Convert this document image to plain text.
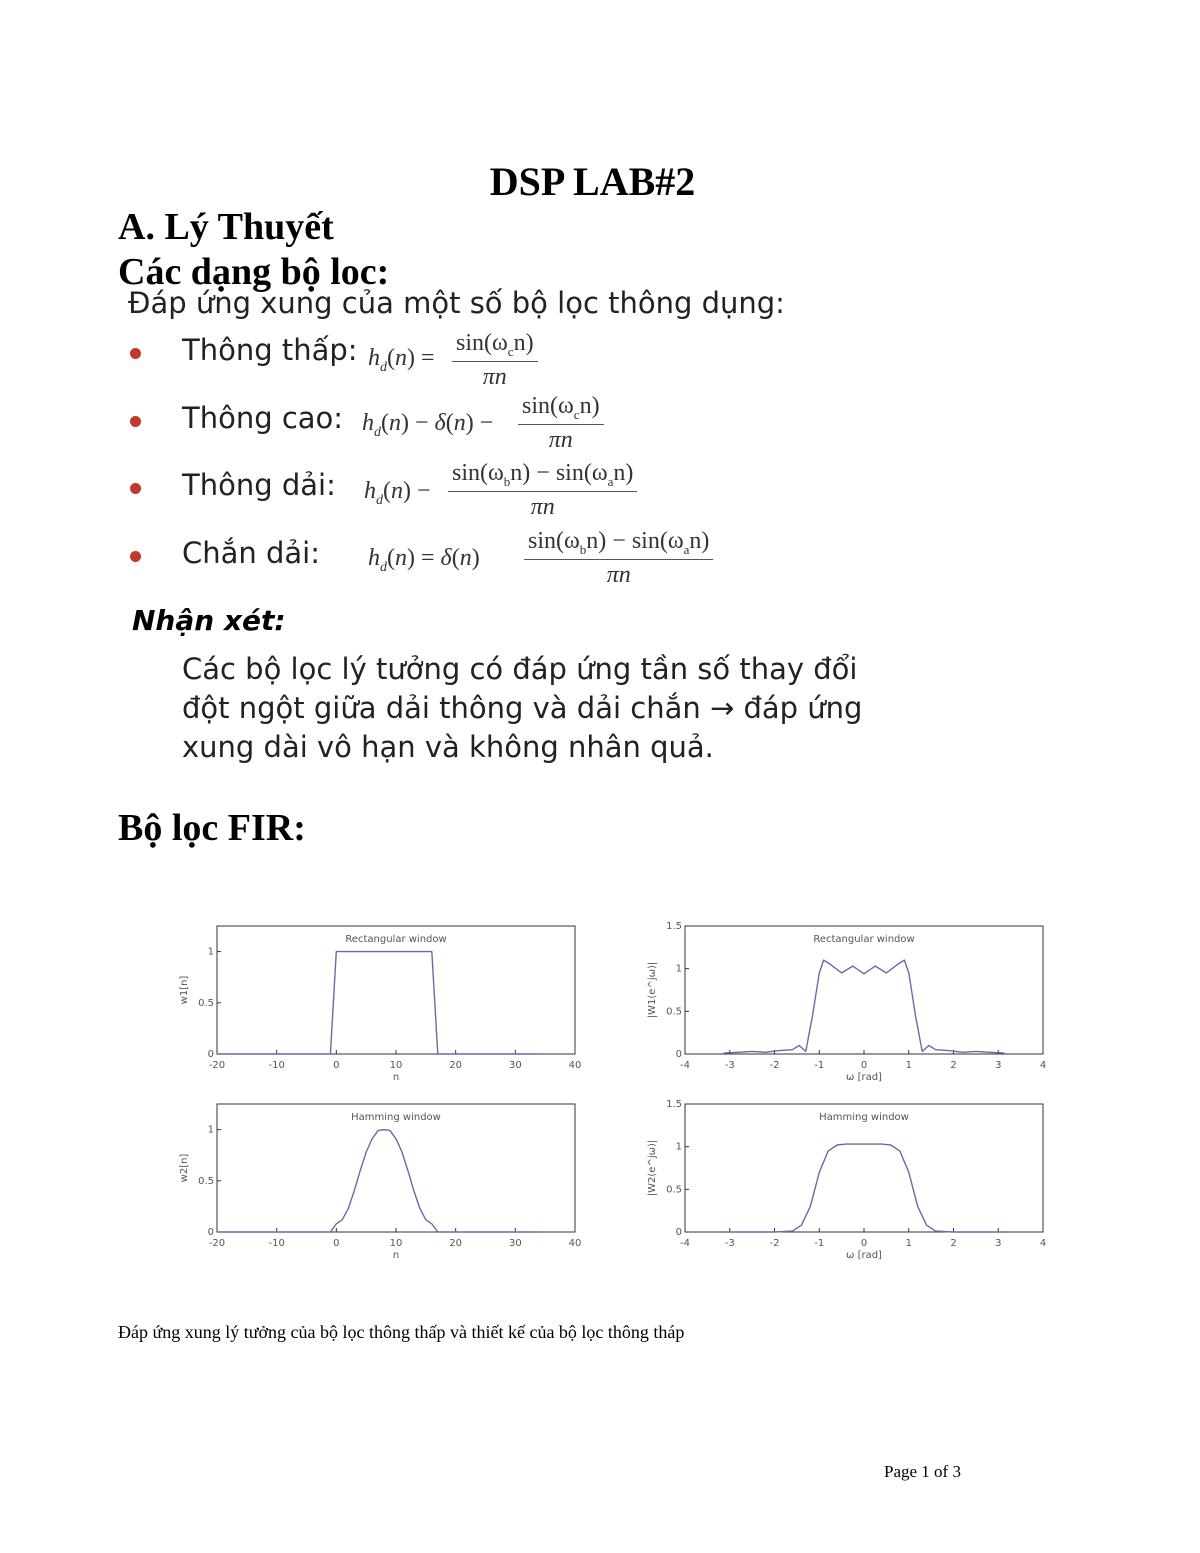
DSP LAB#2
A. Lý Thuyết
Các dạng bộ loc:
Đáp ứng xung của một số bộ lọc thông dụng:
Thông thấp: $h_d(n)$ =
$\sin(\omega_cn)$
πn
Thông cao: $h_d(n) - \delta(n)$ −
$\sin(\omega_cn)$
πn
Thông dải: $h_d(n)$ −
$\sin(\omega_bn) - \sin(\omega_an)$
πn
Chắn dải: $h_d(n) = \delta(n)$
$\sin(\omega_bn) - \sin(\omega_an)$
πn
Nhận xét:
Các bộ lọc lý tưởng có đáp ứng tần số thay đổi đột ngột giữa dải thông và dải chắn → đáp ứng xung dài vô hạn và không nhân quả.
Bộ lọc FIR:
-20	-10	0	10	20	30	40
0
0.5
1
n
w1[n]
Rectangular window
-4	-3	-2	-1	0	1	2	3	4
0
0.5
1
1.5
ω [rad]
|W1(e^jω)|
Rectangular window
-20	-10	0	10	20	30	40
0
0.5
1
n
w2[n]
Hamming window
-4	-3	-2	-1	0	1	2	3	4
0
0.5
1
1.5
ω [rad]
|W2(e^jω)|
Hamming window
Đáp ứng xung lý tưởng của bộ lọc thông thấp và thiết kế của bộ lọc thông tháp
Page 1 of 3
